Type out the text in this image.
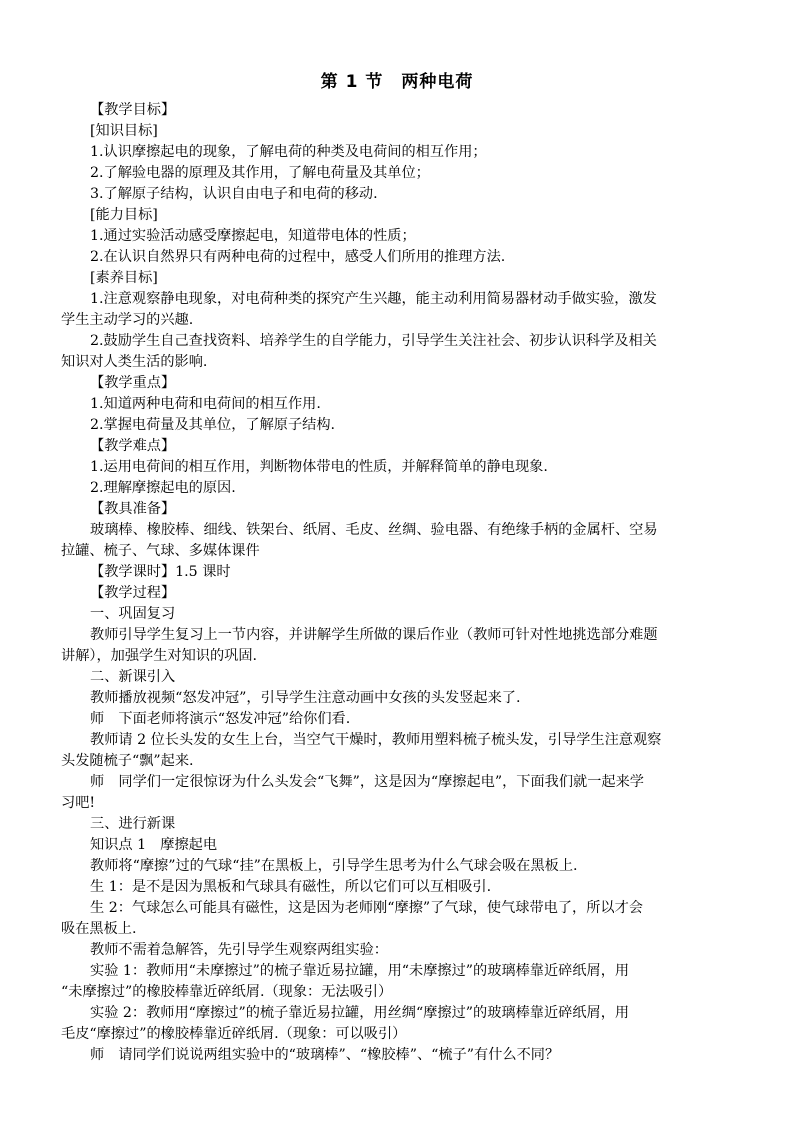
第 1 节　两种电荷
【教学目标】
[知识目标]
1.认识摩擦起电的现象，了解电荷的种类及电荷间的相互作用；
2.了解验电器的原理及其作用，了解电荷量及其单位；
3.了解原子结构，认识自由电子和电荷的移动.
[能力目标]
1.通过实验活动感受摩擦起电，知道带电体的性质；
2.在认识自然界只有两种电荷的过程中，感受人们所用的推理方法.
[素养目标]
1.注意观察静电现象，对电荷种类的探究产生兴趣，能主动利用简易器材动手做实验，激发
学生主动学习的兴趣.
2.鼓励学生自己查找资料、培养学生的自学能力，引导学生关注社会、初步认识科学及相关
知识对人类生活的影响.
【教学重点】
1.知道两种电荷和电荷间的相互作用.
2.掌握电荷量及其单位，了解原子结构.
【教学难点】
1.运用电荷间的相互作用，判断物体带电的性质，并解释简单的静电现象.
2.理解摩擦起电的原因.
【教具准备】
玻璃棒、橡胶棒、细线、铁架台、纸屑、毛皮、丝绸、验电器、有绝缘手柄的金属杆、空易
拉罐、梳子、气球、多媒体课件
【教学课时】1.5 课时
【教学过程】
一、巩固复习
教师引导学生复习上一节内容，并讲解学生所做的课后作业（教师可针对性地挑选部分难题
讲解），加强学生对知识的巩固.
二、新课引入
教师播放视频“怒发冲冠”，引导学生注意动画中女孩的头发竖起来了.
师　下面老师将演示“怒发冲冠”给你们看.
教师请 2 位长头发的女生上台，当空气干燥时，教师用塑料梳子梳头发，引导学生注意观察
头发随梳子“飘”起来.
师　同学们一定很惊讶为什么头发会“飞舞”，这是因为“摩擦起电”，下面我们就一起来学
习吧!
三、进行新课
知识点 1　摩擦起电
教师将“摩擦”过的气球“挂”在黑板上，引导学生思考为什么气球会吸在黑板上.
生 1：是不是因为黑板和气球具有磁性，所以它们可以互相吸引.
生 2：气球怎么可能具有磁性，这是因为老师刚“摩擦”了气球，使气球带电了，所以才会
吸在黑板上.
教师不需着急解答，先引导学生观察两组实验：
实验 1：教师用“未摩擦过”的梳子靠近易拉罐，用“未摩擦过”的玻璃棒靠近碎纸屑，用
“未摩擦过”的橡胶棒靠近碎纸屑.（现象：无法吸引）
实验 2：教师用“摩擦过”的梳子靠近易拉罐，用丝绸“摩擦过”的玻璃棒靠近碎纸屑，用
毛皮“摩擦过”的橡胶棒靠近碎纸屑.（现象：可以吸引）
师　请同学们说说两组实验中的“玻璃棒”、“橡胶棒”、“梳子”有什么不同？
